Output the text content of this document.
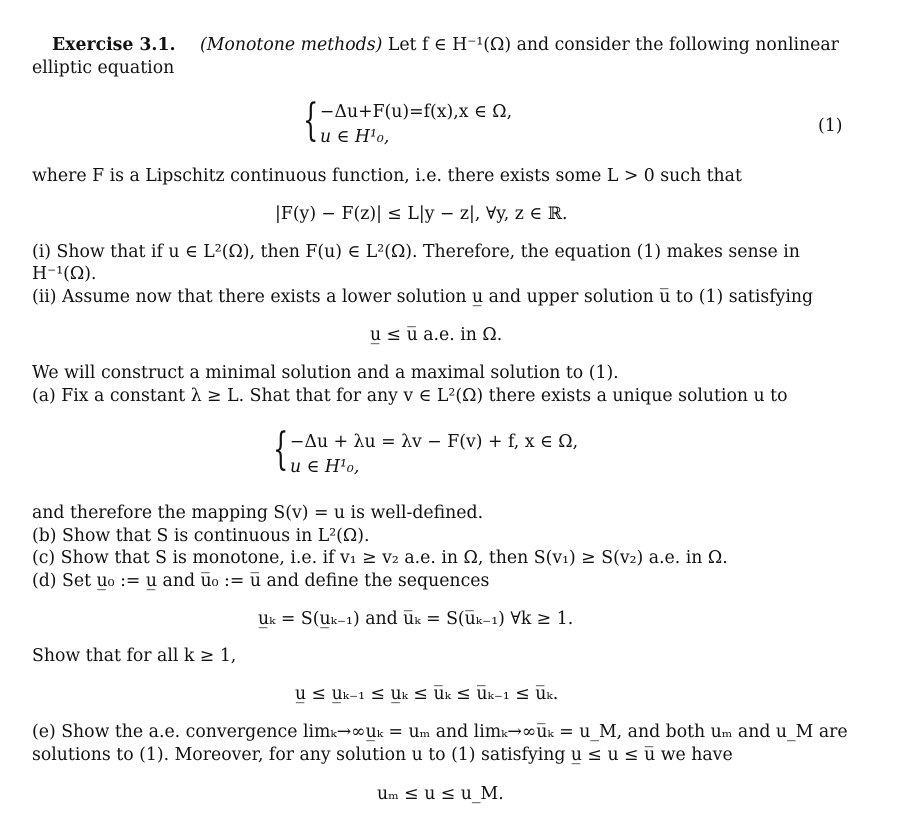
Exercise 3.1. (Monotone methods) Let f ∈ H⁻¹(Ω) and consider the following nonlinear
elliptic equation
{ −Δu+F(u)=f(x),x ∈ Ω,
u ∈ H¹₀,
(1)
where F is a Lipschitz continuous function, i.e. there exists some L > 0 such that
|F(y) − F(z)| ≤ L|y − z|, ∀y, z ∈ ℝ.
(i) Show that if u ∈ L²(Ω), then F(u) ∈ L²(Ω). Therefore, the equation (1) makes sense in
H⁻¹(Ω).
(ii) Assume now that there exists a lower solution u̲ and upper solution u̅ to (1) satisfying
u̲ ≤ u̅ a.e. in Ω.
We will construct a minimal solution and a maximal solution to (1).
(a) Fix a constant λ ≥ L. Shat that for any v ∈ L²(Ω) there exists a unique solution u to
{ −Δu + λu = λv − F(v) + f, x ∈ Ω,
u ∈ H¹₀,
and therefore the mapping S(v) = u is well-defined.
(b) Show that S is continuous in L²(Ω).
(c) Show that S is monotone, i.e. if v₁ ≥ v₂ a.e. in Ω, then S(v₁) ≥ S(v₂) a.e. in Ω.
(d) Set u̲₀ := u̲ and u̅₀ := u̅ and define the sequences
u̲ₖ = S(u̲ₖ₋₁) and u̅ₖ = S(u̅ₖ₋₁) ∀k ≥ 1.
Show that for all k ≥ 1,
u̲ ≤ u̲ₖ₋₁ ≤ u̲ₖ ≤ u̅ₖ ≤ u̅ₖ₋₁ ≤ u̅ₖ.
(e) Show the a.e. convergence limₖ→∞u̲ₖ = uₘ and limₖ→∞u̅ₖ = u_M, and both uₘ and u_M are
solutions to (1). Moreover, for any solution u to (1) satisfying u̲ ≤ u ≤ u̅ we have
uₘ ≤ u ≤ u_M.
